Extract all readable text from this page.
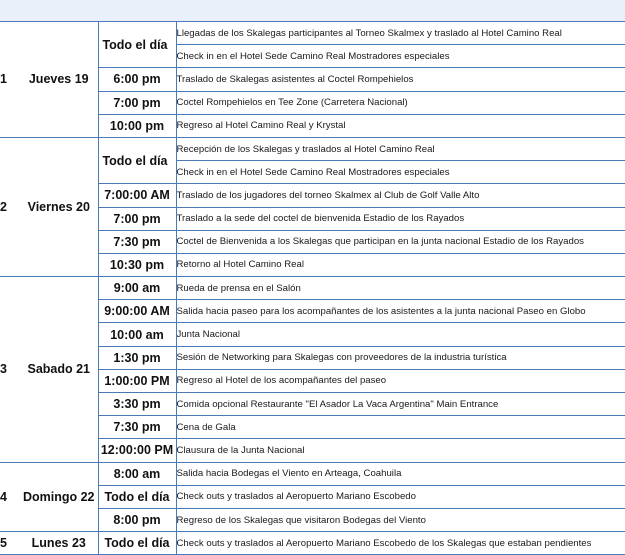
1	Jueves 19	Todo el día	Llegadas de los Skalegas participantes al Torneo Skalmex y traslado al Hotel Camino Real
			Check in en el Hotel Sede Camino Real Mostradores especiales
		6:00 pm	Traslado de Skalegas asistentes al Coctel Rompehielos
		7:00 pm	Coctel Rompehielos en Tee Zone (Carretera Nacional)
		10:00 pm	Regreso al Hotel Camino Real y Krystal
2	Viernes 20	Todo el día	Recepción de los Skalegas y traslados al Hotel Camino Real
			Check in en el Hotel Sede Camino Real Mostradores especiales
		7:00:00 AM	Traslado de los jugadores del torneo Skalmex al Club de Golf Valle Alto
		7:00 pm	Traslado a la sede del coctel de bienvenida Estadio de los Rayados
		7:30 pm	Coctel de Bienvenida a los Skalegas que participan en la junta nacional Estadio de los Rayados
		10:30 pm	Retorno al Hotel Camino Real
3	Sabado 21	9:00 am	Rueda de prensa en el Salón
		9:00:00 AM	Salida hacia paseo para los acompañantes de los asistentes a la junta nacional Paseo en Globo
		10:00 am	Junta Nacional
		1:30 pm	Sesión de Networking para Skalegas con proveedores de la industria turística
		1:00:00 PM	Regreso al Hotel de los acompañantes del paseo
		3:30 pm	Comida opcional Restaurante "El Asador La Vaca Argentina" Main Entrance
		7:30 pm	Cena de Gala
		12:00:00 PM	Clausura de la Junta Nacional
4	Domingo 22	8:00 am	Salida hacia Bodegas el Viento en Arteaga, Coahuila
		Todo el día	Check outs y traslados al Aeropuerto Mariano Escobedo
		8:00 pm	Regreso de los Skalegas que visitaron Bodegas del Viento
5	Lunes 23	Todo el día	Check outs y traslados al Aeropuerto Mariano Escobedo de los Skalegas que estaban pendientes
